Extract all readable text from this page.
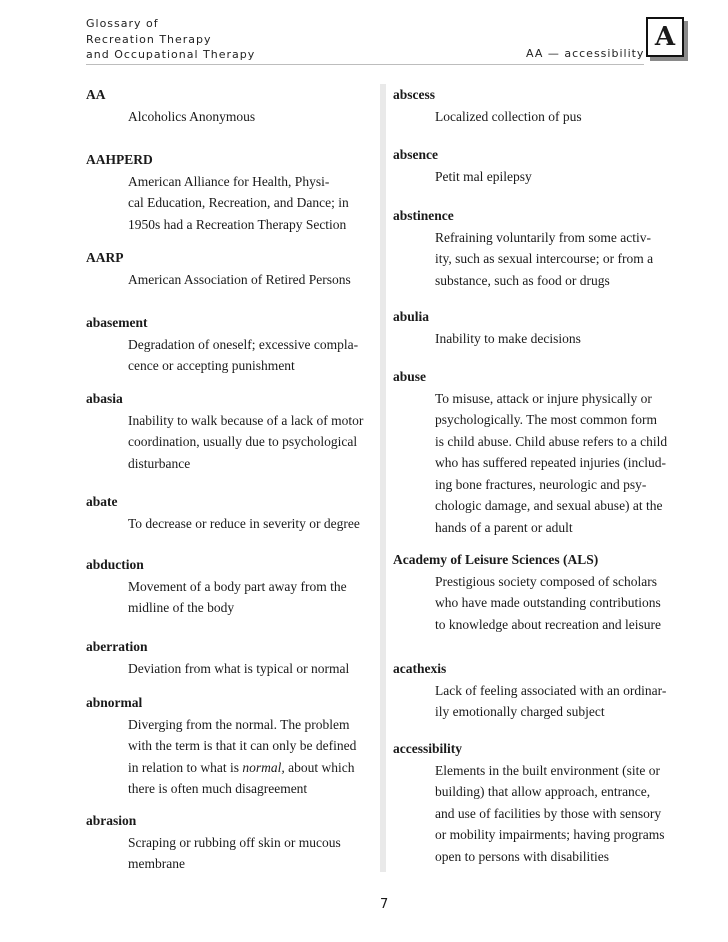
Glossary of
Recreation Therapy
and Occupational Therapy	AA — accessibility
A
AA
Alcoholics Anonymous
AAHPERD
American Alliance for Health, Physi-
cal Education, Recreation, and Dance; in
1950s had a Recreation Therapy Section
AARP
American Association of Retired Persons
abasement
Degradation of oneself; excessive compla-
cence or accepting punishment
abasia
Inability to walk because of a lack of motor
coordination, usually due to psychological
disturbance
abate
To decrease or reduce in severity or degree
abduction
Movement of a body part away from the
midline of the body
aberration
Deviation from what is typical or normal
abnormal
Diverging from the normal. The problem
with the term is that it can only be defined
in relation to what is normal, about which
there is often much disagreement
abrasion
Scraping or rubbing off skin or mucous
membrane
abscess
Localized collection of pus
absence
Petit mal epilepsy
abstinence
Refraining voluntarily from some activ-
ity, such as sexual intercourse; or from a
substance, such as food or drugs
abulia
Inability to make decisions
abuse
To misuse, attack or injure physically or
psychologically. The most common form
is child abuse. Child abuse refers to a child
who has suffered repeated injuries (includ-
ing bone fractures, neurologic and psy-
chologic damage, and sexual abuse) at the
hands of a parent or adult
Academy of Leisure Sciences (ALS)
Prestigious society composed of scholars
who have made outstanding contributions
to knowledge about recreation and leisure
acathexis
Lack of feeling associated with an ordinar-
ily emotionally charged subject
accessibility
Elements in the built environment (site or
building) that allow approach, entrance,
and use of facilities by those with sensory
or mobility impairments; having programs
open to persons with disabilities
7
